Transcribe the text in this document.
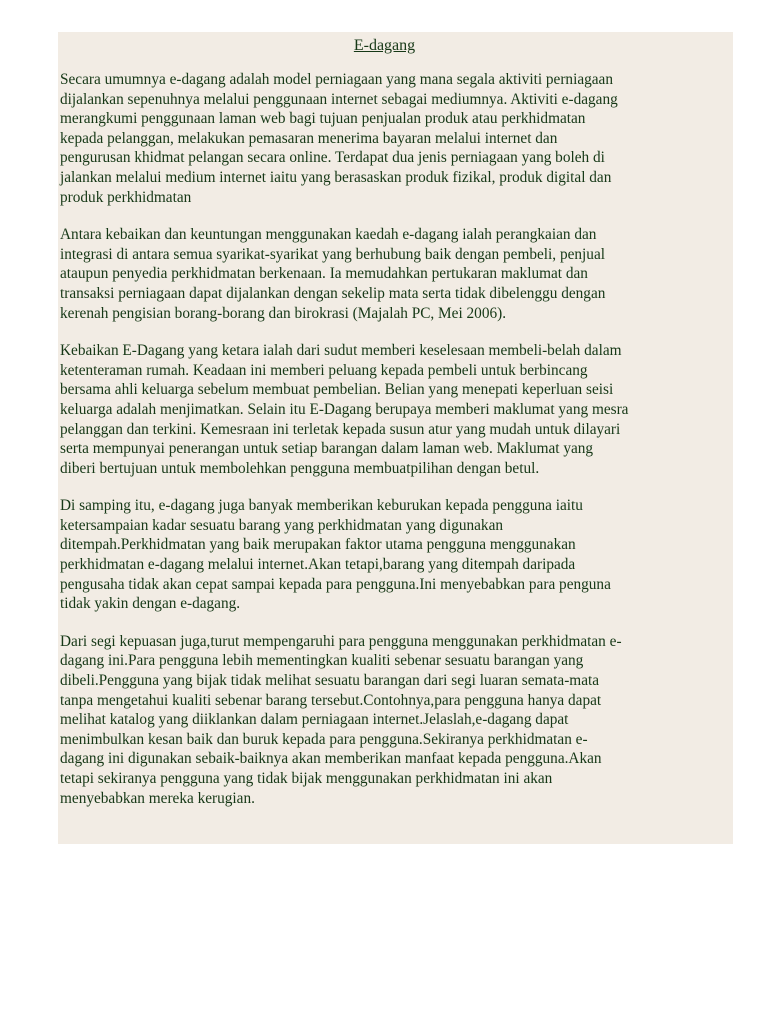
E-dagang
Secara umumnya e-dagang adalah model perniagaan yang mana segala aktiviti perniagaan
dijalankan sepenuhnya melalui penggunaan internet sebagai mediumnya. Aktiviti e-dagang
merangkumi penggunaan laman web bagi tujuan penjualan produk atau perkhidmatan
kepada pelanggan, melakukan pemasaran menerima bayaran melalui internet dan
pengurusan khidmat pelangan secara online. Terdapat dua jenis perniagaan yang boleh di
jalankan melalui medium internet iaitu yang berasaskan produk fizikal, produk digital dan
produk perkhidmatan
Antara kebaikan dan keuntungan menggunakan kaedah e-dagang ialah perangkaian dan
integrasi di antara semua syarikat-syarikat yang berhubung baik dengan pembeli, penjual
ataupun penyedia perkhidmatan berkenaan. Ia memudahkan pertukaran maklumat dan
transaksi perniagaan dapat dijalankan dengan sekelip mata serta tidak dibelenggu dengan
kerenah pengisian borang-borang dan birokrasi (Majalah PC, Mei 2006).
Kebaikan E-Dagang yang ketara ialah dari sudut memberi keselesaan membeli-belah dalam
ketenteraman rumah. Keadaan ini memberi peluang kepada pembeli untuk berbincang
bersama ahli keluarga sebelum membuat pembelian. Belian yang menepati keperluan seisi
keluarga adalah menjimatkan. Selain itu E-Dagang berupaya memberi maklumat yang mesra
pelanggan dan terkini. Kemesraan ini terletak kepada susun atur yang mudah untuk dilayari
serta mempunyai penerangan untuk setiap barangan dalam laman web. Maklumat yang
diberi bertujuan untuk membolehkan pengguna membuatpilihan dengan betul.
Di samping itu, e-dagang juga banyak memberikan keburukan kepada pengguna iaitu
ketersampaian kadar sesuatu barang yang perkhidmatan yang digunakan
ditempah.Perkhidmatan yang baik merupakan faktor utama pengguna menggunakan
perkhidmatan e-dagang melalui internet.Akan tetapi,barang yang ditempah daripada
pengusaha tidak akan cepat sampai kepada para pengguna.Ini menyebabkan para penguna
tidak yakin dengan e-dagang.
Dari segi kepuasan juga,turut mempengaruhi para pengguna menggunakan perkhidmatan e-
dagang ini.Para pengguna lebih mementingkan kualiti sebenar sesuatu barangan yang
dibeli.Pengguna yang bijak tidak melihat sesuatu barangan dari segi luaran semata-mata
tanpa mengetahui kualiti sebenar barang tersebut.Contohnya,para pengguna hanya dapat
melihat katalog yang diiklankan dalam perniagaan internet.Jelaslah,e-dagang dapat
menimbulkan kesan baik dan buruk kepada para pengguna.Sekiranya perkhidmatan e-
dagang ini digunakan sebaik-baiknya akan memberikan manfaat kepada pengguna.Akan
tetapi sekiranya pengguna yang tidak bijak menggunakan perkhidmatan ini akan
menyebabkan mereka kerugian.
